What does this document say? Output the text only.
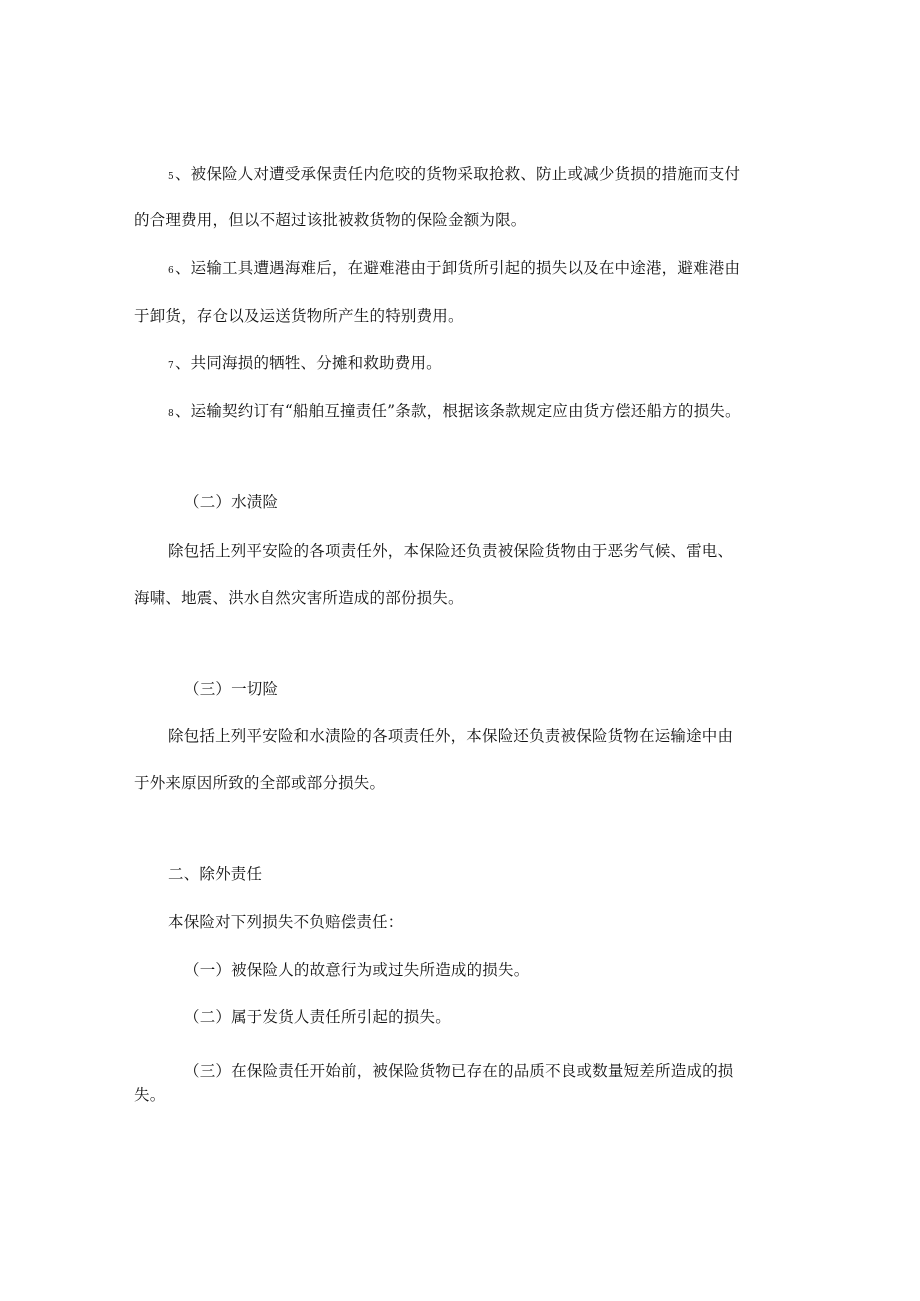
5、被保险人对遭受承保责任内危咬的货物采取抢救、防止或减少货损的措施而支付
的合理费用，但以不超过该批被救货物的保险金额为限。
6、运输工具遭遇海难后，在避难港由于卸货所引起的损失以及在中途港，避难港由
于卸货，存仓以及运送货物所产生的特别费用。
7、共同海损的牺牲、分摊和救助费用。
8、运输契约订有“船舶互撞责任”条款，根据该条款规定应由货方偿还船方的损失。
（二）水渍险
除包括上列平安险的各项责任外，本保险还负责被保险货物由于恶劣气候、雷电、
海啸、地震、洪水自然灾害所造成的部份损失。
（三）一切险
除包括上列平安险和水渍险的各项责任外，本保险还负责被保险货物在运输途中由
于外来原因所致的全部或部分损失。
二、除外责任
本保险对下列损失不负赔偿责任：
（一）被保险人的故意行为或过失所造成的损失。
（二）属于发货人责任所引起的损失。
（三）在保险责任开始前，被保险货物已存在的品质不良或数量短差所造成的损
失。
